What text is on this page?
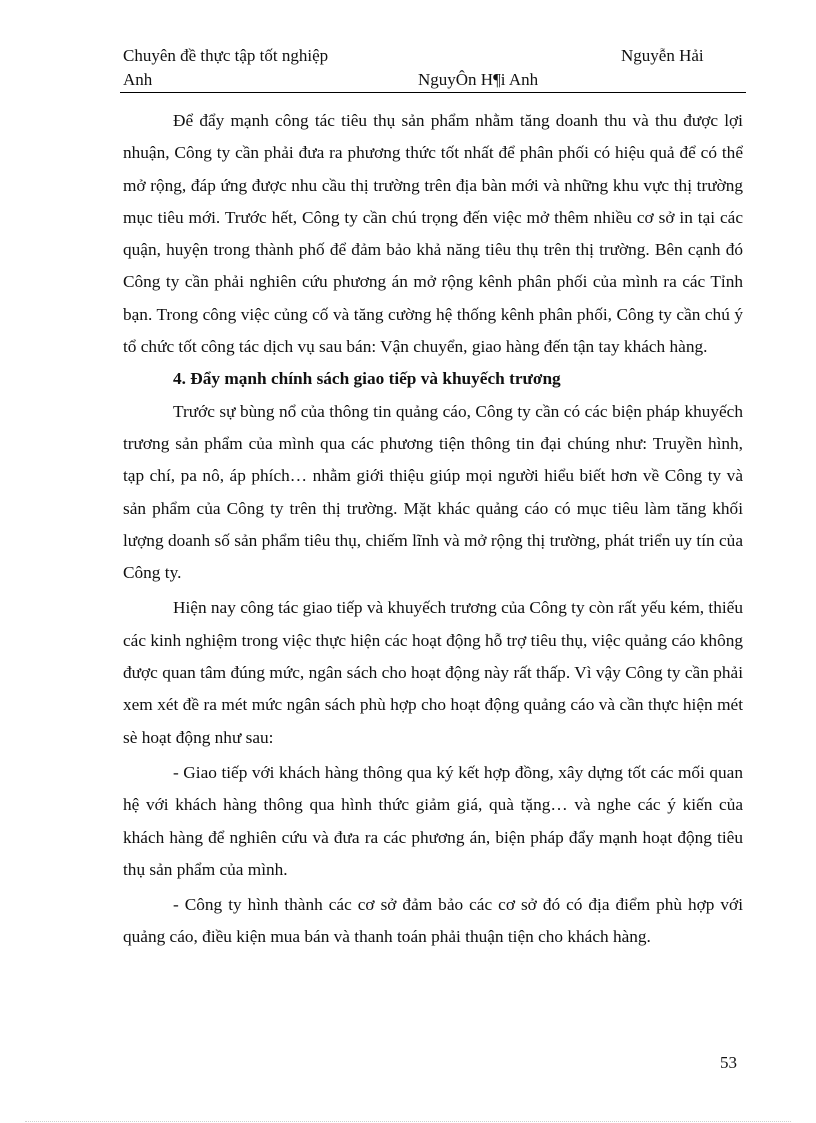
Chuyên đề thực tập tốt nghiệp	Nguyễn Hải
Anh	NguyÔn H¶i Anh

Để đẩy mạnh công tác tiêu thụ sản phẩm nhằm tăng doanh thu và thu được lợi nhuận, Công ty cần phải đưa ra phương thức tốt nhất để phân phối có hiệu quả để có thể mở rộng, đáp ứng được nhu cầu thị trường trên địa bàn mới và những khu vực thị trường mục tiêu mới. Trước hết, Công ty cần chú trọng đến việc mở thêm nhiều cơ sở in tại các quận, huyện trong thành phố để đảm bảo khả năng tiêu thụ trên thị trường. Bên cạnh đó Công ty cần phải nghiên cứu phương án mở rộng kênh phân phối của mình ra các Tỉnh bạn. Trong công việc củng cố và tăng cường hệ thống kênh phân phối, Công ty cần chú ý tổ chức tốt công tác dịch vụ sau bán: Vận chuyển, giao hàng đến tận tay khách hàng.

4. Đẩy mạnh chính sách giao tiếp và khuyếch trương

Trước sự bùng nổ của thông tin quảng cáo, Công ty cần có các biện pháp khuyếch trương sản phẩm của mình qua các phương tiện thông tin đại chúng như: Truyền hình, tạp chí, pa nô, áp phích… nhằm giới thiệu giúp mọi người hiểu biết hơn về Công ty và sản phẩm của Công ty trên thị trường. Mặt khác quảng cáo có mục tiêu làm tăng khối lượng doanh số sản phẩm tiêu thụ, chiếm lĩnh và mở rộng thị trường, phát triển uy tín của Công ty.

Hiện nay công tác giao tiếp và khuyếch trương của Công ty còn rất yếu kém, thiếu các kinh nghiệm trong việc thực hiện các hoạt động hỗ trợ tiêu thụ, việc quảng cáo không được quan tâm đúng mức, ngân sách cho hoạt động này rất thấp. Vì vậy Công ty cần phải xem xét đề ra mét mức ngân sách phù hợp cho hoạt động quảng cáo và cần thực hiện mét sè hoạt động như sau:

- Giao tiếp với khách hàng thông qua ký kết hợp đồng, xây dựng tốt các mối quan hệ với khách hàng thông qua hình thức giảm giá, quà tặng… và nghe các ý kiến của khách hàng để nghiên cứu và đưa ra các phương án, biện pháp đẩy mạnh hoạt động tiêu thụ sản phẩm của mình.

- Công ty hình thành các cơ sở đảm bảo các cơ sở đó có địa điểm phù hợp với quảng cáo, điều kiện mua bán và thanh toán phải thuận tiện cho khách hàng.

53
